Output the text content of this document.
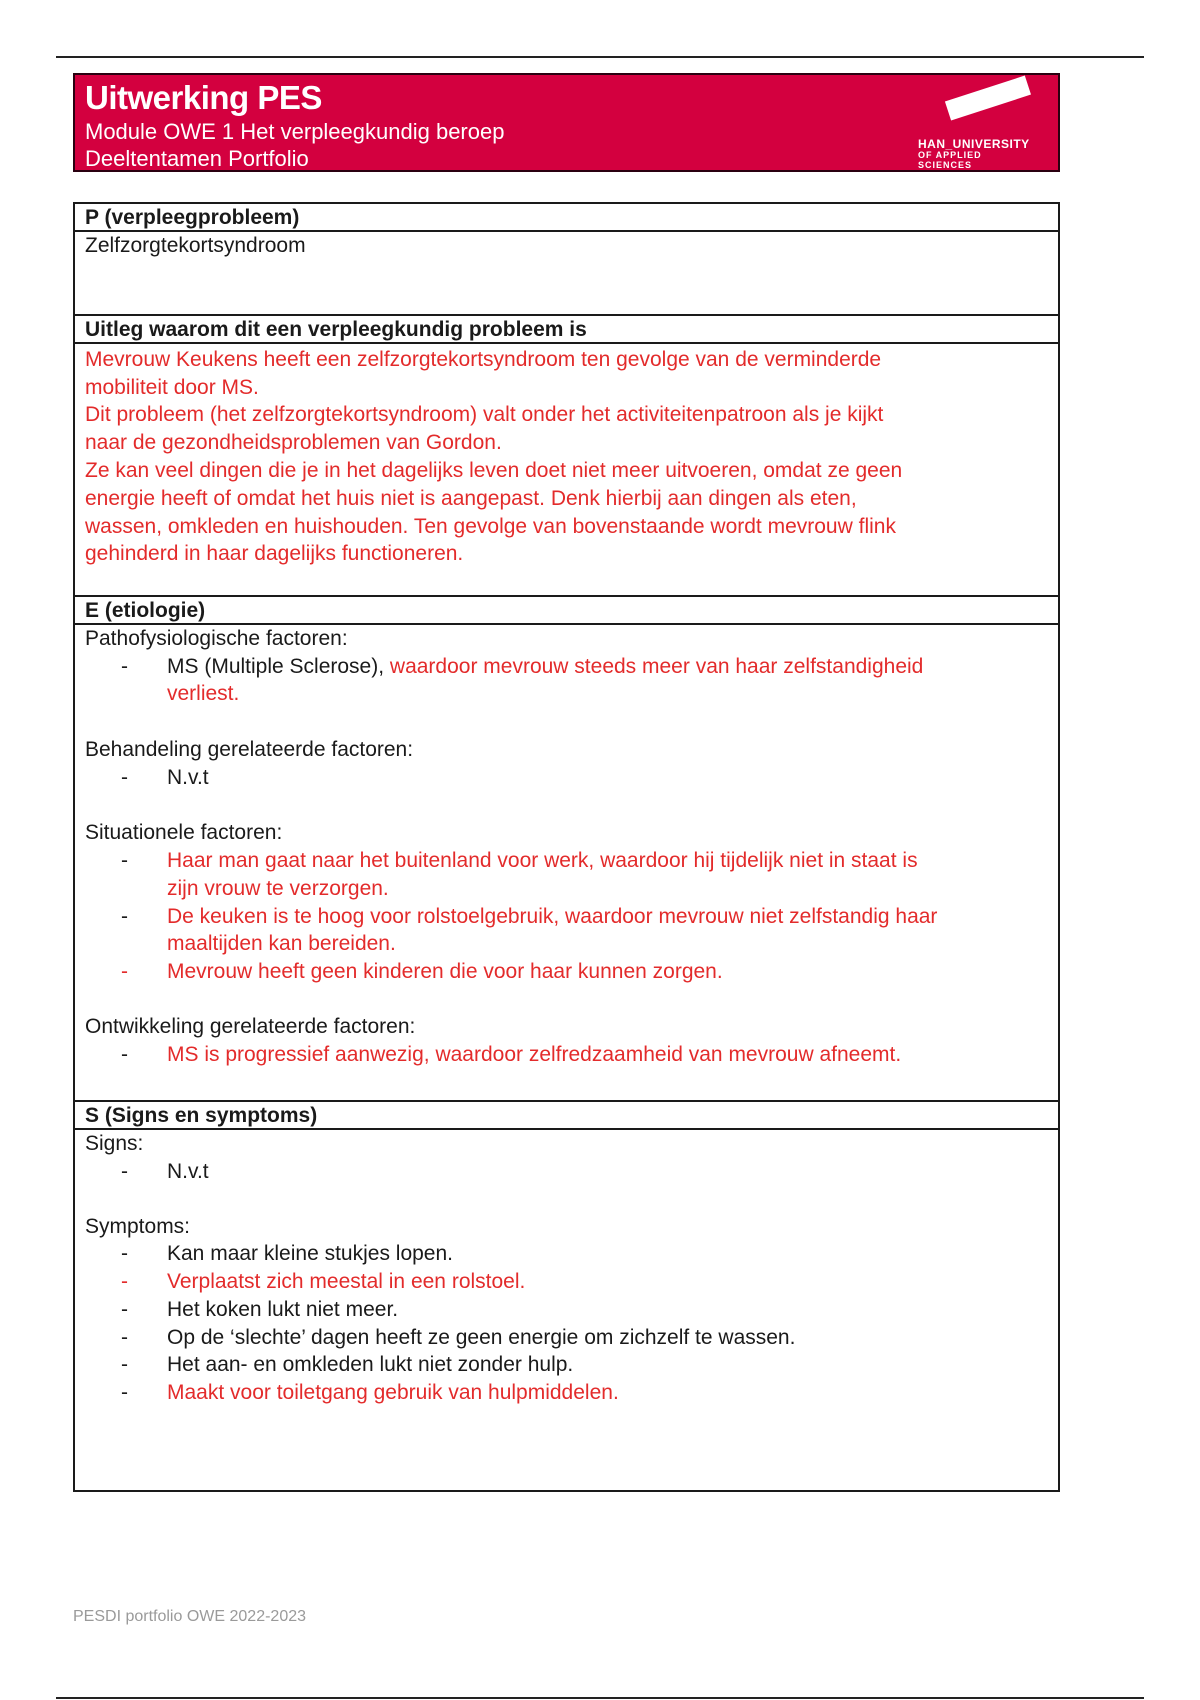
Uitwerking PES
Module OWE 1 Het verpleegkundig beroep
Deeltentamen Portfolio
HAN_UNIVERSITY
OF APPLIED SCIENCES
P (verpleegprobleem)
Zelfzorgtekortsyndroom
Uitleg waarom dit een verpleegkundig probleem is
Mevrouw Keukens heeft een zelfzorgtekortsyndroom ten gevolge van de verminderde
mobiliteit door MS.
Dit probleem (het zelfzorgtekortsyndroom) valt onder het activiteitenpatroon als je kijkt
naar de gezondheidsproblemen van Gordon.
Ze kan veel dingen die je in het dagelijks leven doet niet meer uitvoeren, omdat ze geen
energie heeft of omdat het huis niet is aangepast. Denk hierbij aan dingen als eten,
wassen, omkleden en huishouden. Ten gevolge van bovenstaande wordt mevrouw flink
gehinderd in haar dagelijks functioneren.
E (etiologie)
Pathofysiologische factoren:
- MS (Multiple Sclerose), waardoor mevrouw steeds meer van haar zelfstandigheid
verliest.
Behandeling gerelateerde factoren:
- N.v.t
Situationele factoren:
- Haar man gaat naar het buitenland voor werk, waardoor hij tijdelijk niet in staat is
zijn vrouw te verzorgen.
- De keuken is te hoog voor rolstoelgebruik, waardoor mevrouw niet zelfstandig haar
maaltijden kan bereiden.
- Mevrouw heeft geen kinderen die voor haar kunnen zorgen.
Ontwikkeling gerelateerde factoren:
- MS is progressief aanwezig, waardoor zelfredzaamheid van mevrouw afneemt.
S (Signs en symptoms)
Signs:
- N.v.t
Symptoms:
- Kan maar kleine stukjes lopen.
- Verplaatst zich meestal in een rolstoel.
- Het koken lukt niet meer.
- Op de ‘slechte’ dagen heeft ze geen energie om zichzelf te wassen.
- Het aan- en omkleden lukt niet zonder hulp.
- Maakt voor toiletgang gebruik van hulpmiddelen.
PESDI portfolio OWE 2022-2023
